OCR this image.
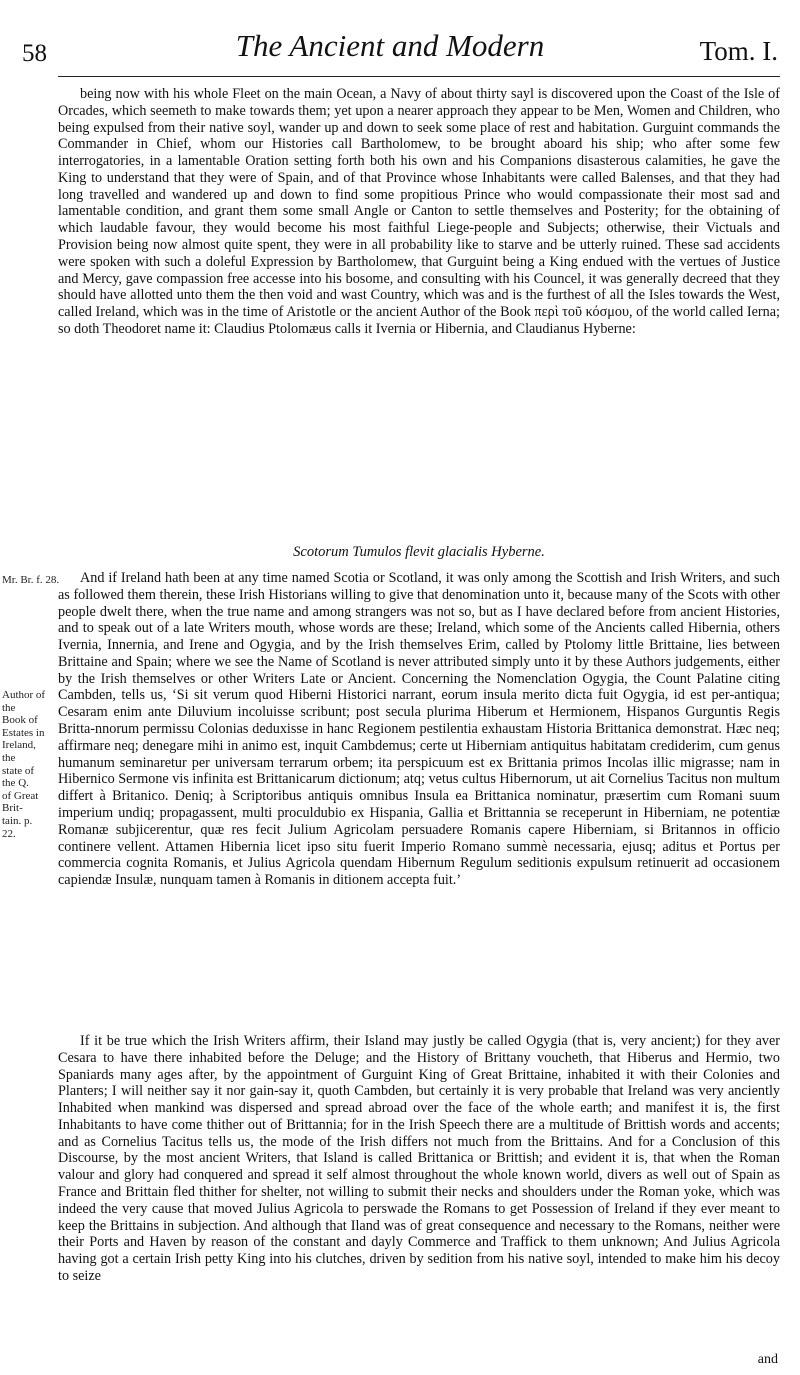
58	The Ancient and Modern	Tom. I.
being now with his whole Fleet on the main Ocean, a Navy of about thirty sayl is discovered upon the Coast of the Isle of Orcades, which seemeth to make towards them; yet upon a nearer approach they appear to be Men, Women and Children, who being expulsed from their native soyl, wander up and down to seek some place of rest and habitation. Gurguint commands the Commander in Chief, whom our Histories call Bartholomew, to be brought aboard his ship; who after some few interrogatories, in a lamentable Oration setting forth both his own and his Companions disasterous calamities, he gave the King to understand that they were of Spain, and of that Province whose Inhabitants were called Balenses, and that they had long travelled and wandered up and down to find some propitious Prince who would compassionate their most sad and lamentable condition, and grant them some small Angle or Canton to settle themselves and Posterity; for the obtaining of which laudable favour, they would become his most faithful Liege-people and Subjects; otherwise, their Victuals and Provision being now almost quite spent, they were in all probability like to starve and be utterly ruined. These sad accidents were spoken with such a doleful Expression by Bartholomew, that Gurguint being a King endued with the vertues of Justice and Mercy, gave compassion free accesse into his bosome, and consulting with his Councel, it was generally decreed that they should have allotted unto them the then void and wast Country, which was and is the furthest of all the Isles towards the West, called Ireland, which was in the time of Aristotle or the ancient Author of the Book περὶ τοῦ κόσμου, of the world called Ierna; so doth Theodoret name it: Claudius Ptolomæus calls it Ivernia or Hibernia, and Claudianus Hyberne:
Scotorum Tumulos flevit glacialis Hyberne.
Mr. Br. f. 28.
Author of the
Book of
Estates in
Ireland, the
state of the Q.
of Great Brit-
tain. p. 22.
And if Ireland hath been at any time named Scotia or Scotland, it was only among the Scottish and Irish Writers, and such as followed them therein, these Irish Historians willing to give that denomination unto it, because many of the Scots with other people dwelt there, when the true name and among strangers was not so, but as I have declared before from ancient Histories, and to speak out of a late Writers mouth, whose words are these; Ireland, which some of the Ancients called Hibernia, others Ivernia, Innernia, and Irene and Ogygia, and by the Irish themselves Erim, called by Ptolomy little Brittaine, lies between Brittaine and Spain; where we see the Name of Scotland is never attributed simply unto it by these Authors judgements, either by the Irish themselves or other Writers Late or Ancient. Concerning the Nomenclation Ogygia, the Count Palatine citing Cambden, tells us, ‘Si sit verum quod Hiberni Historici narrant, eorum insula merito dicta fuit Ogygia, id est per‑antiqua; Cesaram enim ante Diluvium incoluisse scribunt; post secula plurima Hiberum et Hermionem, Hispanos Gurguntis Regis Britta‑nnorum permissu Colonias deduxisse in hanc Regionem pestilentia exhaustam Historia Brittanica demonstrat. Hæc neq; affirmare neq; denegare mihi in animo est, inquit Cambdemus; certe ut Hiberniam antiquitus habitatam crediderim, cum genus humanum seminaretur per universam terrarum orbem; ita perspicuum est ex Brittania primos Incolas illic migrasse; nam in Hibernico Sermone vis infinita est Brittanicarum dictionum; atq; vetus cultus Hibernorum, ut ait Cornelius Tacitus non multum differt à Britanico. Deniq; à Scriptoribus antiquis omnibus Insula ea Brittanica nominatur, præsertim cum Romani suum imperium undiq; propagassent, multi proculdubio ex Hispania, Gallia et Brittannia se receperunt in Hiberniam, ne potentiæ Romanæ subjicerentur, quæ res fecit Julium Agricolam persuadere Romanis capere Hiberniam, si Britannos in officio continere vellent. Attamen Hibernia licet ipso situ fuerit Imperio Romano summè necessaria, ejusq; aditus et Portus per commercia cognita Romanis, et Julius Agricola quendam Hibernum Regulum seditionis expulsum retinuerit ad occasionem capiendæ Insulæ, nunquam tamen à Romanis in ditionem accepta fuit.’
If it be true which the Irish Writers affirm, their Island may justly be called Ogygia (that is, very ancient;) for they aver Cesara to have there inhabited before the Deluge; and the History of Brittany voucheth, that Hiberus and Hermio, two Spaniards many ages after, by the appointment of Gurguint King of Great Brittaine, inhabited it with their Colonies and Planters; I will neither say it nor gain-say it, quoth Cambden, but certainly it is very probable that Ireland was very anciently Inhabited when mankind was dispersed and spread abroad over the face of the whole earth; and manifest it is, the first Inhabitants to have come thither out of Brittannia; for in the Irish Speech there are a multitude of Brittish words and accents; and as Cornelius Tacitus tells us, the mode of the Irish differs not much from the Brittains. And for a Conclusion of this Discourse, by the most ancient Writers, that Island is called Brittanica or Brittish; and evident it is, that when the Roman valour and glory had conquered and spread it self almost throughout the whole known world, divers as well out of Spain as France and Brittain fled thither for shelter, not willing to submit their necks and shoulders under the Roman yoke, which was indeed the very cause that moved Julius Agricola to perswade the Romans to get Possession of Ireland if they ever meant to keep the Brittains in subjection. And although that Iland was of great consequence and necessary to the Romans, neither were their Ports and Haven by reason of the constant and dayly Commerce and Traffick to them unknown; And Julius Agricola having got a certain Irish petty King into his clutches, driven by sedition from his native soyl, intended to make him his decoy to seize
and
